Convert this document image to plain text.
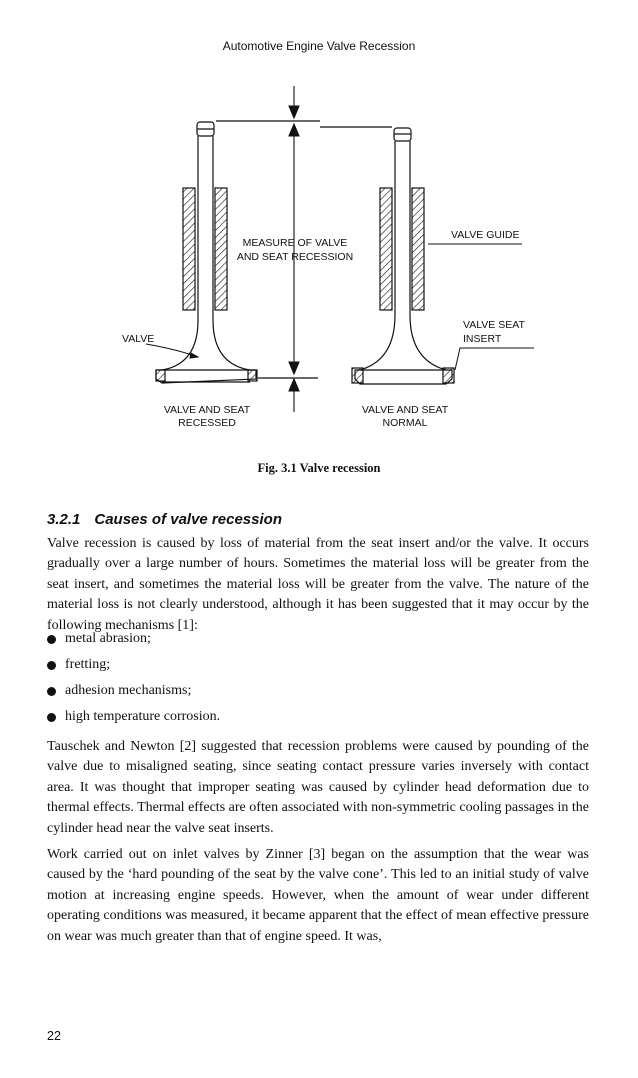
Automotive Engine Valve Recession
MEASURE OF VALVE
AND SEAT RECESSION
VALVE GUIDE
VALVE
VALVE SEAT
INSERT
VALVE AND SEAT
RECESSED
VALVE AND SEAT
NORMAL
Fig. 3.1 Valve recession
3.2.1 Causes of valve recession
Valve recession is caused by loss of material from the seat insert and/or the valve. It occurs gradually over a large number of hours. Sometimes the material loss will be greater from the seat insert, and sometimes the material loss will be greater from the valve. The nature of the material loss is not clearly understood, although it has been suggested that it may occur by the following mechanisms [1]:
metal abrasion;
fretting;
adhesion mechanisms;
high temperature corrosion.
Tauschek and Newton [2] suggested that recession problems were caused by pounding of the valve due to misaligned seating, since seating contact pressure varies inversely with contact area. It was thought that improper seating was caused by cylinder head deformation due to thermal effects. Thermal effects are often associated with non-symmetric cooling passages in the cylinder head near the valve seat inserts.
Work carried out on inlet valves by Zinner [3] began on the assumption that the wear was caused by the ‘hard pounding of the seat by the valve cone’. This led to an initial study of valve motion at increasing engine speeds. However, when the amount of wear under different operating conditions was measured, it became apparent that the effect of mean effective pressure on wear was much greater than that of engine speed. It was,
22
